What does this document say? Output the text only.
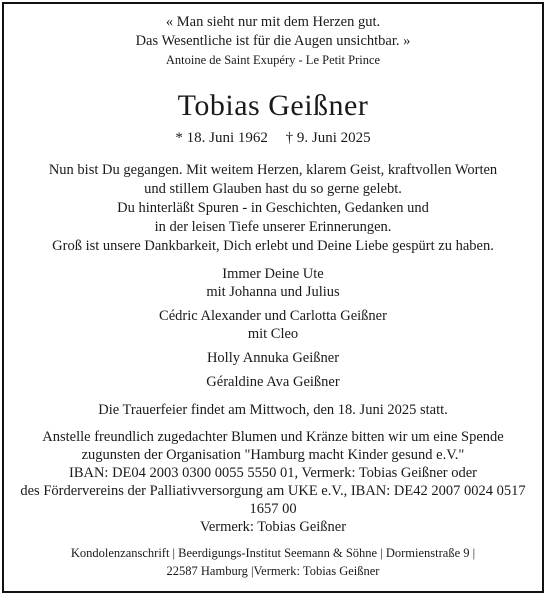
« Man sieht nur mit dem Herzen gut.
Das Wesentliche ist für die Augen unsichtbar. »
Antoine de Saint Exupéry - Le Petit Prince
Tobias Geißner
* 18. Juni 1962 † 9. Juni 2025
Nun bist Du gegangen. Mit weitem Herzen, klarem Geist, kraftvollen Worten
und stillem Glauben hast du so gerne gelebt.
Du hinterläßt Spuren - in Geschichten, Gedanken und
in der leisen Tiefe unserer Erinnerungen.
Groß ist unsere Dankbarkeit, Dich erlebt und Deine Liebe gespürt zu haben.
Immer Deine Ute
mit Johanna und Julius
Cédric Alexander und Carlotta Geißner
mit Cleo
Holly Annuka Geißner
Géraldine Ava Geißner
Die Trauerfeier findet am Mittwoch, den 18. Juni 2025 statt.
Anstelle freundlich zugedachter Blumen und Kränze bitten wir um eine Spende
zugunsten der Organisation "Hamburg macht Kinder gesund e.V."
IBAN: DE04 2003 0300 0055 5550 01, Vermerk: Tobias Geißner oder
des Fördervereins der Palliativversorgung am UKE e.V., IBAN: DE42 2007 0024 0517
1657 00
Vermerk: Tobias Geißner
Kondolenzanschrift | Beerdigungs-Institut Seemann & Söhne | Dormienstraße 9 |
22587 Hamburg |Vermerk: Tobias Geißner
